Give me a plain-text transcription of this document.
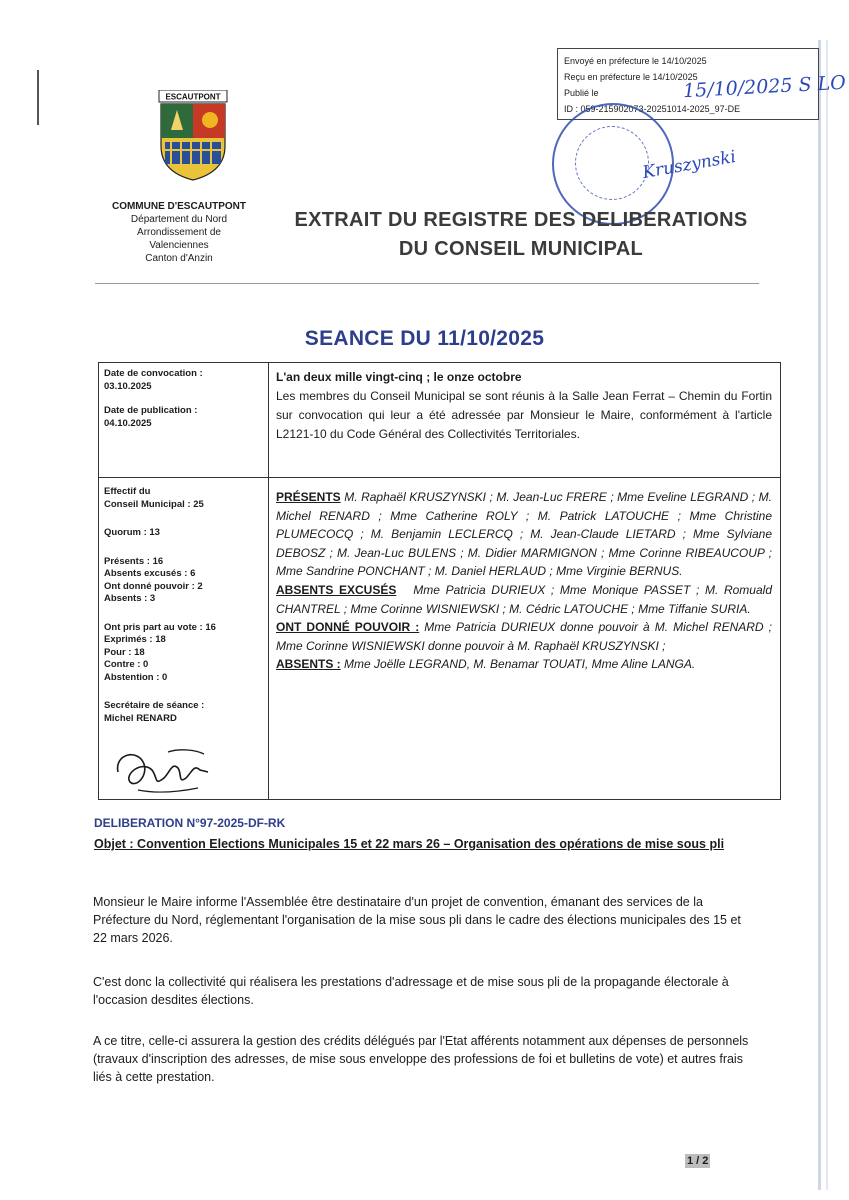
Envoyé en préfecture le 14/10/2025
Reçu en préfecture le 14/10/2025
Publié le
ID : 059-215902073-20251014-2025_97-DE
15/10/2025 S LO
Kruszynski
ESCAUTPONT
COMMUNE D'ESCAUTPONT
Département du Nord
Arrondissement de
Valenciennes
Canton d'Anzin
EXTRAIT DU REGISTRE DES DELIBERATIONS
DU CONSEIL MUNICIPAL
SEANCE DU 11/10/2025
Date de convocation :
03.10.2025
Date de publication :
04.10.2025
Effectif du
Conseil Municipal : 25
Quorum : 13
Présents : 16
Absents excusés : 6
Ont donné pouvoir : 2
Absents : 3
Ont pris part au vote : 16
Exprimés : 18
Pour : 18
Contre : 0
Abstention : 0
Secrétaire de séance :
Michel RENARD
L'an deux mille vingt-cinq ; le onze octobre
Les membres du Conseil Municipal se sont réunis à la Salle Jean Ferrat – Chemin du Fortin sur convocation qui leur a été adressée par Monsieur le Maire, conformément à l'article L2121-10 du Code Général des Collectivités Territoriales.
PRÉSENTS M. Raphaël KRUSZYNSKI ; M. Jean-Luc FRERE ; Mme Eveline LEGRAND ; M. Michel RENARD ; Mme Catherine ROLY ; M. Patrick LATOUCHE ; Mme Christine PLUMECOCQ ; M. Benjamin LECLERCQ ; M. Jean-Claude LIETARD ; Mme Sylviane DEBOSZ ; M. Jean-Luc BULENS ; M. Didier MARMIGNON ; Mme Corinne RIBEAUCOUP ; Mme Sandrine PONCHANT ; M. Daniel HERLAUD ; Mme Virginie BERNUS.
ABSENTS EXCUSÉS Mme Patricia DURIEUX ; Mme Monique PASSET ; M. Romuald CHANTREL ; Mme Corinne WISNIEWSKI ; M. Cédric LATOUCHE ; Mme Tiffanie SURIA.
ONT DONNÉ POUVOIR : Mme Patricia DURIEUX donne pouvoir à M. Michel RENARD ; Mme Corinne WISNIEWSKI donne pouvoir à M. Raphaël KRUSZYNSKI ;
ABSENTS : Mme Joëlle LEGRAND, M. Benamar TOUATI, Mme Aline LANGA.
DELIBERATION N°97-2025-DF-RK
Objet : Convention Elections Municipales 15 et 22 mars 26 – Organisation des opérations de mise sous pli
Monsieur le Maire informe l'Assemblée être destinataire d'un projet de convention, émanant des services de la Préfecture du Nord, réglementant l'organisation de la mise sous pli dans le cadre des élections municipales des 15 et 22 mars 2026.
C'est donc la collectivité qui réalisera les prestations d'adressage et de mise sous pli de la propagande électorale à l'occasion desdites élections.
A ce titre, celle-ci assurera la gestion des crédits délégués par l'Etat afférents notamment aux dépenses de personnels (travaux d'inscription des adresses, de mise sous enveloppe des professions de foi et bulletins de vote) et autres frais liés à cette prestation.
1 / 2
